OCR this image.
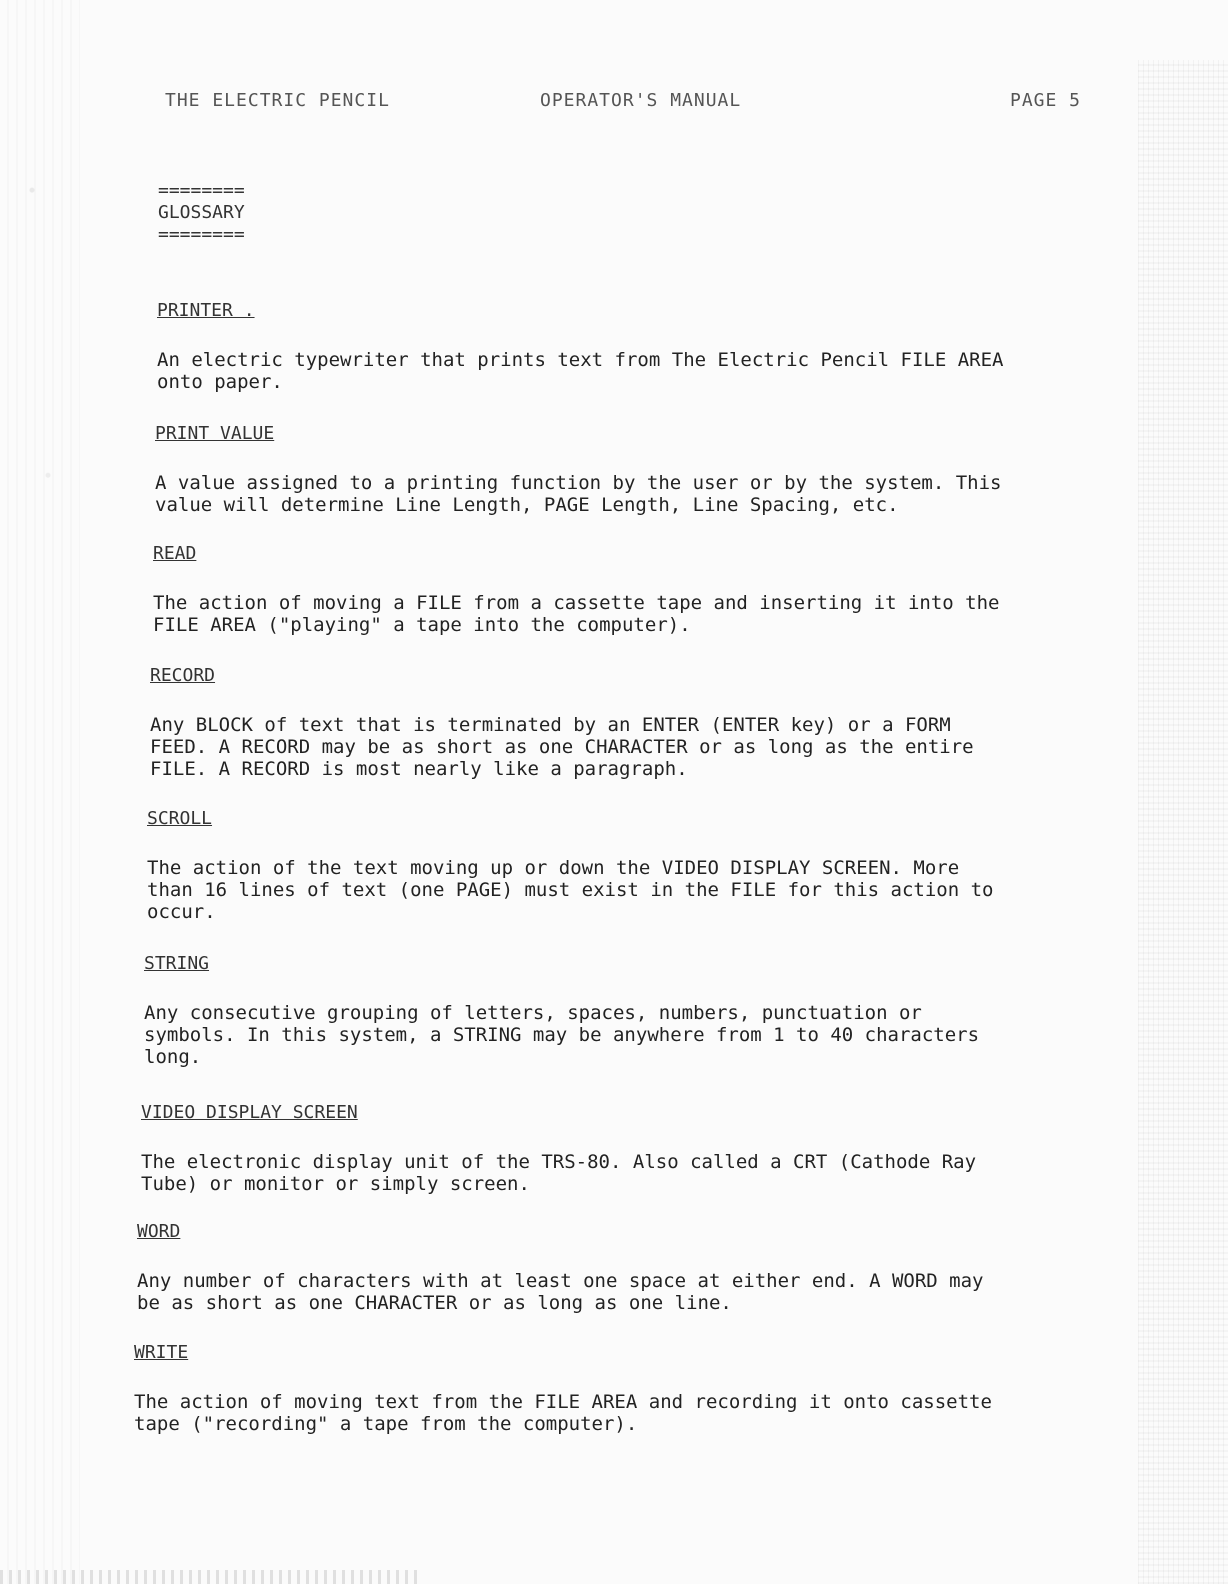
THE ELECTRIC PENCIL	OPERATOR'S MANUAL	PAGE 5
========
GLOSSARY
========
PRINTER .
An electric typewriter that prints text from The Electric Pencil FILE AREA
onto paper.
PRINT VALUE
A value assigned to a printing function by the user or by the system. This
value will determine Line Length, PAGE Length, Line Spacing, etc.
READ
The action of moving a FILE from a cassette tape and inserting it into the
FILE AREA ("playing" a tape into the computer).
RECORD
Any BLOCK of text that is terminated by an ENTER (ENTER key) or a FORM
FEED. A RECORD may be as short as one CHARACTER or as long as the entire
FILE. A RECORD is most nearly like a paragraph.
SCROLL
The action of the text moving up or down the VIDEO DISPLAY SCREEN. More
than 16 lines of text (one PAGE) must exist in the FILE for this action to
occur.
STRING
Any consecutive grouping of letters, spaces, numbers, punctuation or
symbols. In this system, a STRING may be anywhere from 1 to 40 characters
long.
VIDEO DISPLAY SCREEN
The electronic display unit of the TRS-80. Also called a CRT (Cathode Ray
Tube) or monitor or simply screen.
WORD
Any number of characters with at least one space at either end. A WORD may
be as short as one CHARACTER or as long as one line.
WRITE
The action of moving text from the FILE AREA and recording it onto cassette
tape ("recording" a tape from the computer).
